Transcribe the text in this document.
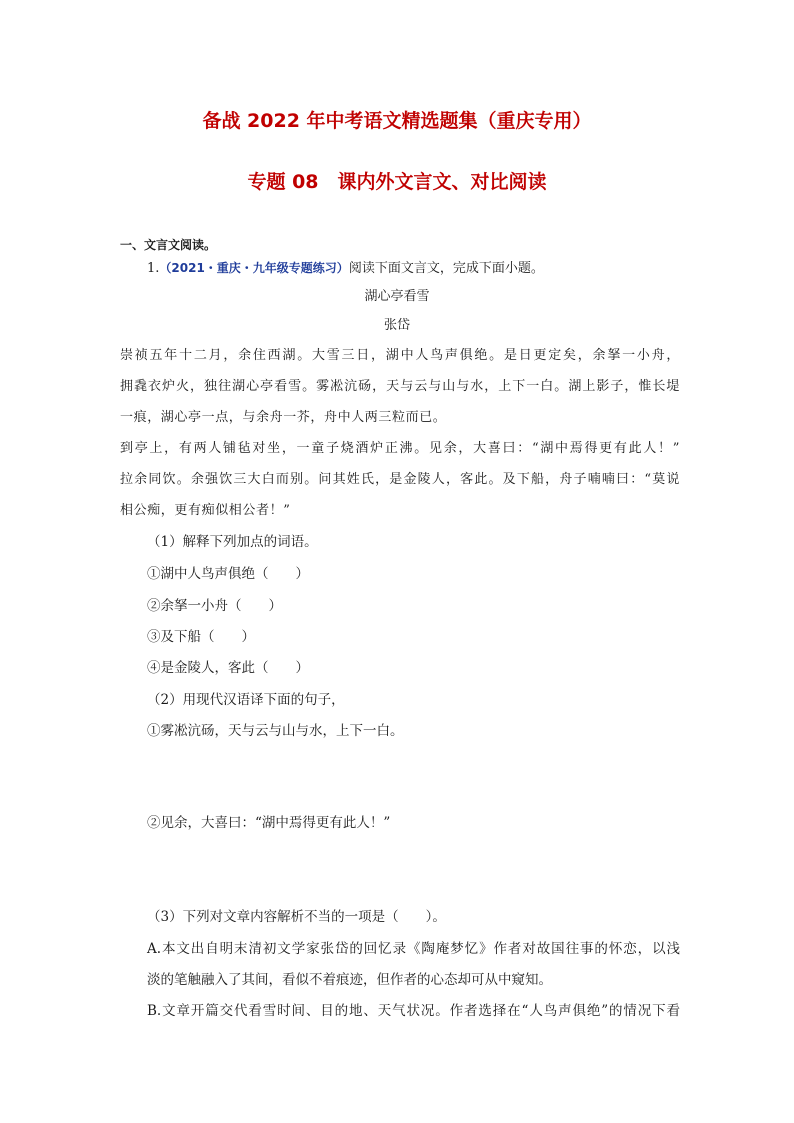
备战 2022 年中考语文精选题集（重庆专用）
专题 08　课内外文言文、对比阅读
一、文言文阅读。
1.（2021・重庆・九年级专题练习）阅读下面文言文，完成下面小题。
湖心亭看雪
张岱
崇祯五年十二月，余住西湖。大雪三日，湖中人鸟声俱绝。是日更定矣，余拏一小舟，
拥毳衣炉火，独往湖心亭看雪。雾凇沆砀，天与云与山与水，上下一白。湖上影子，惟长堤
一痕，湖心亭一点，与余舟一芥，舟中人两三粒而已。
到亭上，有两人铺毡对坐，一童子烧酒炉正沸。见余，大喜曰：“湖中焉得更有此人！”
拉余同饮。余强饮三大白而别。问其姓氏，是金陵人，客此。及下船，舟子喃喃曰：“莫说
相公痴，更有痴似相公者！”
（1）解释下列加点的词语。
①湖中人鸟声俱绝（　　）
②余拏一小舟（　　）
③及下船（　　）
④是金陵人，客此（　　）
（2）用现代汉语译下面的句子，
①雾凇沆砀，天与云与山与水，上下一白。
②见余，大喜曰：“湖中焉得更有此人！”
（3）下列对文章内容解析不当的一项是（　　）。
A.本文出自明末清初文学家张岱的回忆录《陶庵梦忆》作者对故国往事的怀恋，以浅
淡的笔触融入了其间，看似不着痕迹，但作者的心态却可从中窥知。
B.文章开篇交代看雪时间、目的地、天气状况。作者选择在“人鸟声俱绝”的情况下看
